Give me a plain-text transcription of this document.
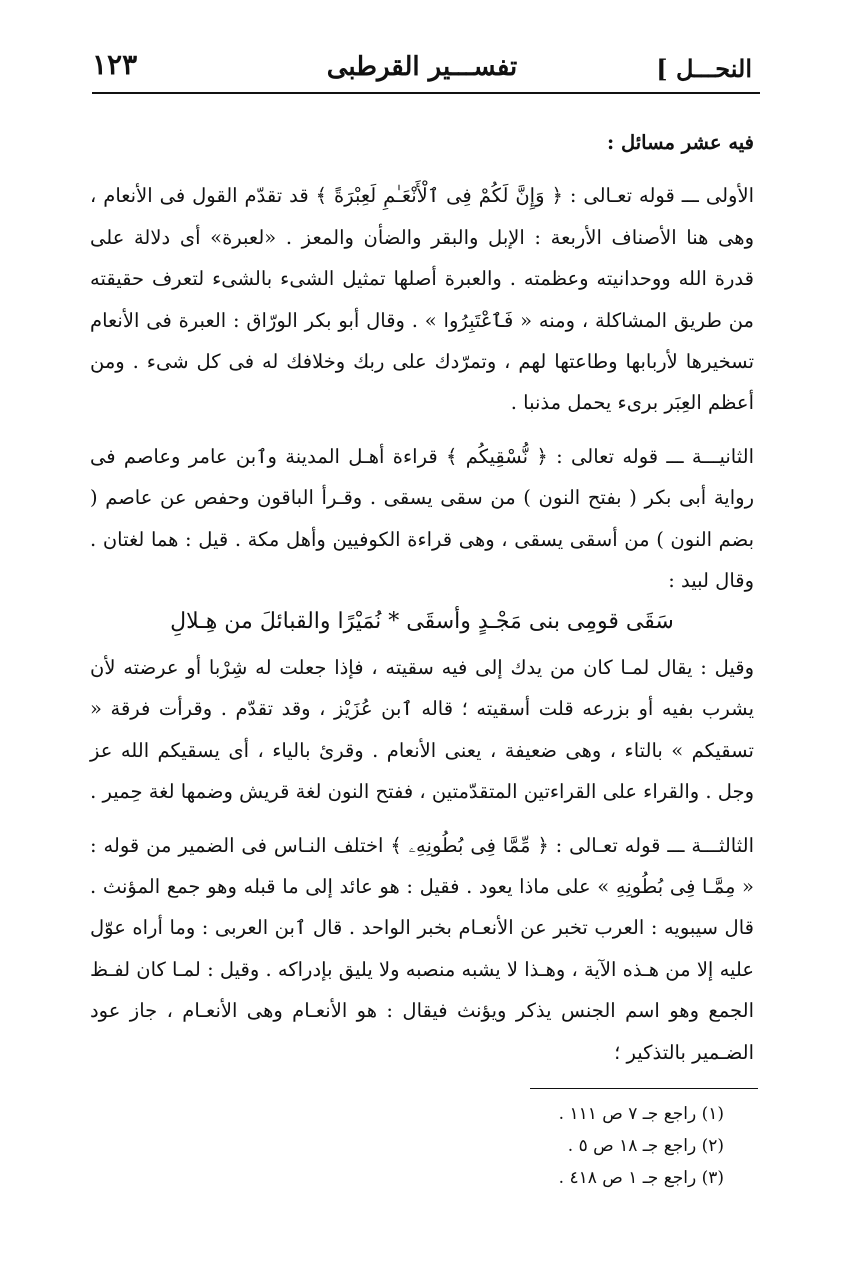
النحـــل ]
تفســـير القرطبى
١٢٣

فيه عشر مسائل :

الأولى ـــ قوله تعـالى : ﴿ وَإِنَّ لَكُمْ فِى ٱلْأَنْعَـٰمِ لَعِبْرَةً ﴾ قد تقدّم القول فى الأنعام ، وهى هنا الأصناف الأربعة : الإبل والبقر والضأن والمعز . «لعبرة» أى دلالة على قدرة الله ووحدانيته وعظمته . والعبرة أصلها تمثيل الشىء بالشىء لتعرف حقيقته من طريق المشاكلة ، ومنه « فَٱعْتَبِرُوا » . وقال أبو بكر الورّاق : العبرة فى الأنعام تسخيرها لأربابها وطاعتها لهم ، وتمرّدك على ربك وخلافك له فى كل شىء . ومن أعظم العِبَر برىء يحمل مذنبا .

الثانيـــة ـــ قوله تعالى : ﴿ نُّسْقِيكُم ﴾ قراءة أهـل المدينة وٱبن عامر وعاصم فى رواية أبى بكر ( بفتح النون ) من سقى يسقى . وقـرأ الباقون وحفص عن عاصم ( بضم النون ) من أسقى يسقى ، وهى قراءة الكوفيين وأهل مكة . قيل : هما لغتان . وقال لبيد :

سَقَى قومِى بنى مَجْـدٍ وأسقَى * نُمَيْرًا والقبائلَ من هِـلالِ

وقيل : يقال لمـا كان من يدك إلى فيه سقيته ، فإذا جعلت له شِرْبا أو عرضته لأن يشرب بفيه أو بزرعه قلت أسقيته ؛ قاله ٱبن عُزَيْز ، وقد تقدّم . وقرأت فرقة « تسقيكم » بالتاء ، وهى ضعيفة ، يعنى الأنعام . وقرئ بالياء ، أى يسقيكم الله عز وجل . والقراء على القراءتين المتقدّمتين ، ففتح النون لغة قريش وضمها لغة حِمير .

الثالثـــة ـــ قوله تعـالى : ﴿ مِّمَّا فِى بُطُونِهِۦ ﴾ اختلف النـاس فى الضمير من قوله : « مِمَّـا فِى بُطُونِهِ » على ماذا يعود . فقيل : هو عائد إلى ما قبله وهو جمع المؤنث . قال سيبويه : العرب تخبر عن الأنعـام بخبر الواحد . قال ٱبن العربى : وما أراه عوّل عليه إلا من هـذه الآية ، وهـذا لا يشبه منصبه ولا يليق بإدراكه . وقيل : لمـا كان لفـظ الجمع وهو اسم الجنس يذكر ويؤنث فيقال : هو الأنعـام وهى الأنعـام ، جاز عود الضـمير بالتذكير ؛

(١) راجع جـ ٧ ص ١١١ .

(٢) راجع جـ ١٨ ص ٥ .

(٣) راجع جـ ١ ص ٤١٨ .
